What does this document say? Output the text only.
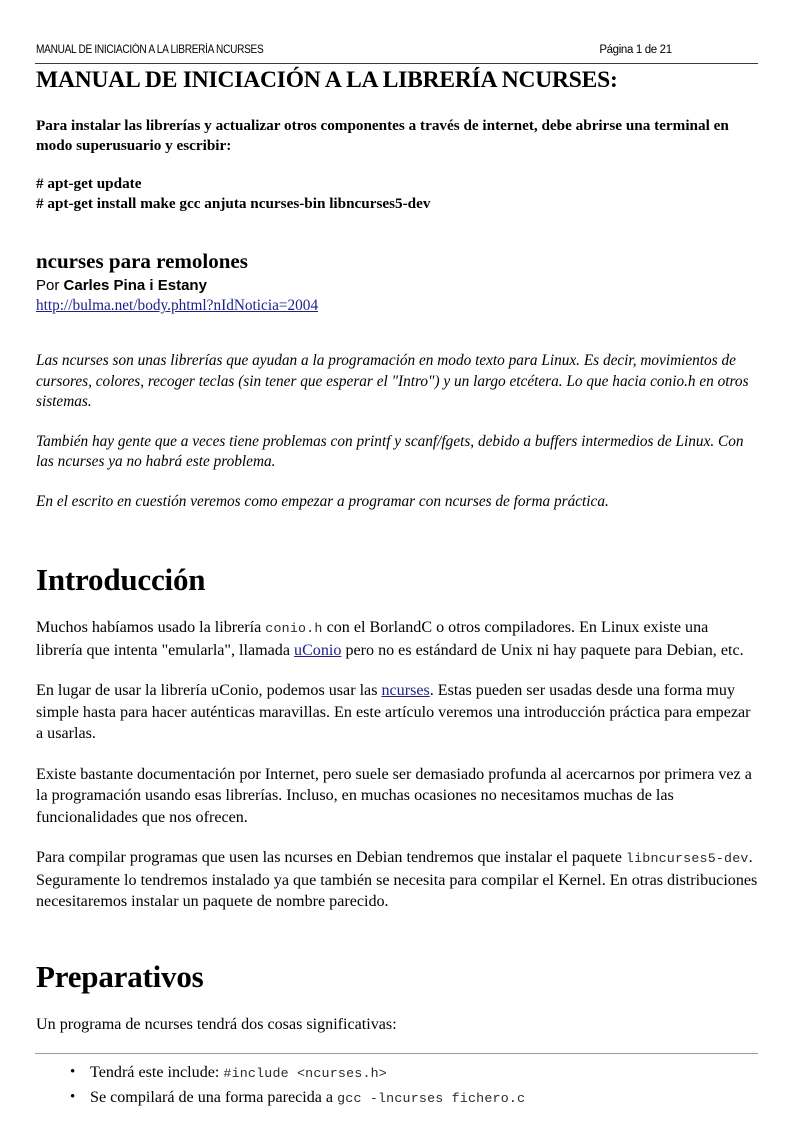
MANUAL DE INICIACIÓN A LA LIBRERÍA NCURSES	Página 1 de 21
MANUAL DE INICIACIÓN A LA LIBRERÍA NCURSES:
Para instalar las librerías y actualizar otros componentes a través de internet, debe abrirse una terminal en modo superusuario y escribir:
# apt-get update
# apt-get install make gcc anjuta ncurses-bin libncurses5-dev
ncurses para remolones
Por Carles Pina i Estany
http://bulma.net/body.phtml?nIdNoticia=2004

Las ncurses son unas librerías que ayudan a la programación en modo texto para Linux. Es decir, movimientos de cursores, colores, recoger teclas (sin tener que esperar el "Intro") y un largo etcétera. Lo que hacia conio.h en otros sistemas.

También hay gente que a veces tiene problemas con printf y scanf/fgets, debido a buffers intermedios de Linux. Con las ncurses ya no habrá este problema.

En el escrito en cuestión veremos como empezar a programar con ncurses de forma práctica.

Introducción

Muchos habíamos usado la librería conio.h con el BorlandC o otros compiladores. En Linux existe una librería que intenta "emularla", llamada uConio pero no es estándard de Unix ni hay paquete para Debian, etc.

En lugar de usar la librería uConio, podemos usar las ncurses. Estas pueden ser usadas desde una forma muy simple hasta para hacer auténticas maravillas. En este artículo veremos una introducción práctica para empezar a usarlas.

Existe bastante documentación por Internet, pero suele ser demasiado profunda al acercarnos por primera vez a la programación usando esas librerías. Incluso, en muchas ocasiones no necesitamos muchas de las funcionalidades que nos ofrecen.

Para compilar programas que usen las ncurses en Debian tendremos que instalar el paquete libncurses5-dev. Seguramente lo tendremos instalado ya que también se necesita para compilar el Kernel. En otras distribuciones necesitaremos instalar un paquete de nombre parecido.

Preparativos

Un programa de ncurses tendrá dos cosas significativas:

• Tendrá este include: #include <ncurses.h>
• Se compilará de una forma parecida a gcc -lncurses fichero.c
